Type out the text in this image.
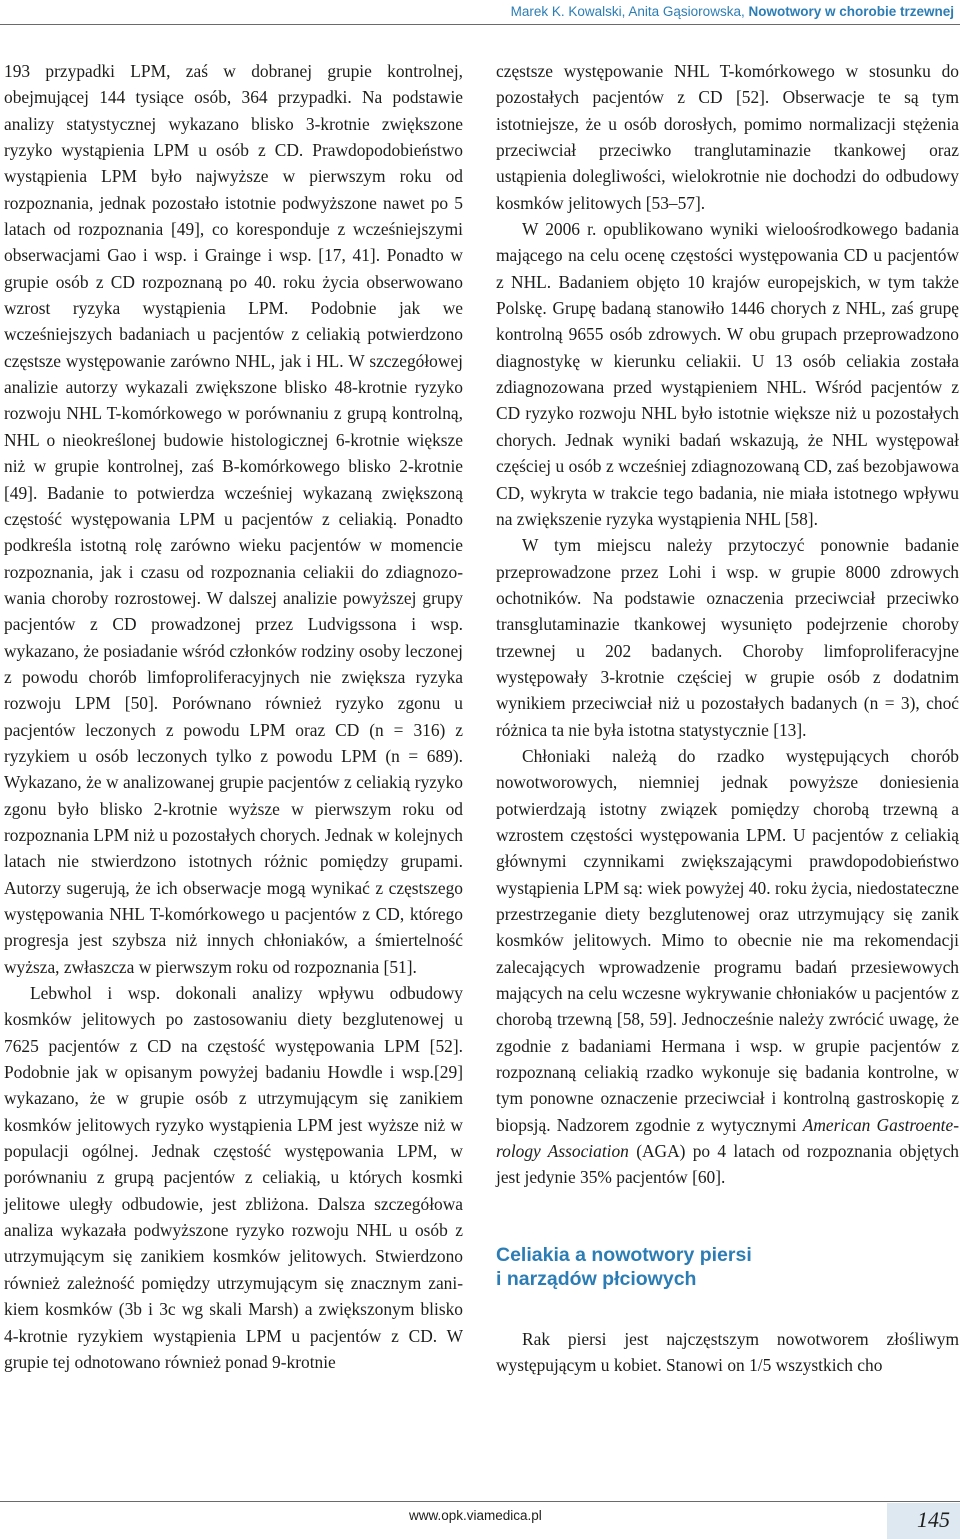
Marek K. Kowalski, Anita Gąsiorowska, Nowotwory w chorobie trzewnej

193 przypadki LPM, zaś w dobranej grupie kontrolnej, obejmującej 144 tysiące osób, 364 przypadki. Na podstawie analizy statystycznej wykazano blisko 3-krotnie zwiększone ryzyko wystąpienia LPM u osób z CD. Prawdopodobieństwo wystąpienia LPM było najwyższe w pierwszym roku od rozpoznania, jednak pozostało istotnie podwyższone nawet po 5 latach od rozpoznania [49], co koresponduje z wcześniejszymi obserwacjami Gao i wsp. i Grainge i wsp. [17, 41]. Ponadto w grupie osób z CD rozpoznaną po 40. roku życia obserwowano wzrost ryzyka wystąpienia LPM. Podobnie jak we wcześniejszych badaniach u pacjentów z celiakią potwierdzono częstsze występowanie zarówno NHL, jak i HL. W szczegółowej analizie autorzy wykazali zwiększone blisko 48-krotnie ryzyko rozwoju NHL T-komórkowego w porównaniu z grupą kontrolną, NHL o nieokreślonej budowie histologicznej 6-krotnie większe niż w grupie kontrolnej, zaś B-komórkowego blisko 2-krotnie [49]. Badanie to potwierdza wcześniej wykazaną zwiększoną częstość występowania LPM u pacjentów z celiakią. Ponadto podkreśla istotną rolę zarówno wieku pacjentów w momencie rozpoznania, jak i czasu od rozpoznania celiakii do zdiagnozowania choroby rozrostowej. W dalszej analizie powyższej grupy pacjentów z CD prowadzonej przez Ludvigssona i wsp. wykazano, że posiadanie wśród członków rodziny osoby leczonej z powodu chorób limfoproliferacyjnych nie zwiększa ryzyka rozwoju LPM [50]. Porównano również ryzyko zgonu u pacjentów leczonych z powodu LPM oraz CD (n = 316) z ryzykiem u osób leczonych tylko z powodu LPM (n = 689). Wykazano, że w analizowanej grupie pacjentów z celiakią ryzyko zgonu było blisko 2-krotnie wyższe w pierwszym roku od rozpoznania LPM niż u pozostałych chorych. Jednak w kolejnych latach nie stwierdzono istotnych różnic pomiędzy grupami. Autorzy sugerują, że ich obserwacje mogą wynikać z częstszego występowania NHL T-komórkowego u pacjentów z CD, którego progresja jest szybsza niż innych chłoniaków, a śmiertelność wyższa, zwłaszcza w pierwszym roku od rozpoznania [51].

Lebwhol i wsp. dokonali analizy wpływu odbudowy kosmków jelitowych po zastosowaniu diety bezglutenowej u 7625 pacjentów z CD na częstość występowania LPM [52]. Podobnie jak w opisanym powyżej badaniu Howdle i wsp.[29] wykazano, że w grupie osób z utrzymującym się zanikiem kosmków jelitowych ryzyko wystąpienia LPM jest wyższe niż w populacji ogólnej. Jednak częstość występowania LPM, w porównaniu z grupą pacjentów z celiakią, u których kosmki jelitowe uległy odbudowie, jest zbliżona. Dalsza szczegółowa analiza wykazała podwyższone ryzyko rozwoju NHL u osób z utrzymującym się zanikiem kosmków jelitowych. Stwierdzono również zależność pomiędzy utrzymującym się znacznym zanikiem kosmków (3b i 3c wg skali Marsh) a zwiększonym blisko 4-krotnie ryzykiem wystąpienia LPM u pacjentów z CD. W grupie tej odnotowano również ponad 9-krotnie

częstsze występowanie NHL T-komórkowego w stosunku do pozostałych pacjentów z CD [52]. Obserwacje te są tym istotniejsze, że u osób dorosłych, pomimo normalizacji stężenia przeciwciał przeciwko tranglutaminazie tkankowej oraz ustąpienia dolegliwości, wielokrotnie nie dochodzi do odbudowy kosmków jelitowych [53–57].

W 2006 r. opublikowano wyniki wieloośrodkowego badania mającego na celu ocenę częstości występowania CD u pacjentów z NHL. Badaniem objęto 10 krajów europejskich, w tym także Polskę. Grupę badaną stanowiło 1446 chorych z NHL, zaś grupę kontrolną 9655 osób zdrowych. W obu grupach przeprowadzono diagnostykę w kierunku celiakii. U 13 osób celiakia została zdiagnozowana przed wystąpieniem NHL. Wśród pacjentów z CD ryzyko rozwoju NHL było istotnie większe niż u pozostałych chorych. Jednak wyniki badań wskazują, że NHL występował częściej u osób z wcześniej zdiagnozowaną CD, zaś bezobjawowa CD, wykryta w trakcie tego badania, nie miała istotnego wpływu na zwiększenie ryzyka wystąpienia NHL [58].

W tym miejscu należy przytoczyć ponownie badanie przeprowadzone przez Lohi i wsp. w grupie 8000 zdrowych ochotników. Na podstawie oznaczenia przeciwciał przeciwko transglutaminazie tkankowej wysunięto podejrzenie choroby trzewnej u 202 badanych. Choroby limfoproliferacyjne występowały 3-krotnie częściej w grupie osób z dodatnim wynikiem przeciwciał niż u pozostałych badanych (n = 3), choć różnica ta nie była istotna statystycznie [13].

Chłoniaki należą do rzadko występujących chorób nowotworowych, niemniej jednak powyższe doniesienia potwierdzają istotny związek pomiędzy chorobą trzewną a wzrostem częstości występowania LPM. U pacjentów z celiakią głównymi czynnikami zwiększającymi prawdopodobieństwo wystąpienia LPM są: wiek powyżej 40. roku życia, niedostateczne przestrzeganie diety bezglutenowej oraz utrzymujący się zanik kosmków jelitowych. Mimo to obecnie nie ma rekomendacji zalecających wprowadzenie programu badań przesiewowych mających na celu wczesne wykrywanie chłoniaków u pacjentów z chorobą trzewną [58, 59]. Jednocześnie należy zwrócić uwagę, że zgodnie z badaniami Hermana i wsp. w grupie pacjentów z rozpoznaną celiakią rzadko wykonuje się badania kontrolne, w tym ponowne oznaczenie przeciwciał i kontrolną gastroskopię z biopsją. Nadzorem zgodnie z wytycznymi American Gastroenterology Association (AGA) po 4 latach od rozpoznania objętych jest jedynie 35% pacjentów [60].

Celiakia a nowotwory piersi
i narządów płciowych

Rak piersi jest najczęstszym nowotworem złośliwym występującym u kobiet. Stanowi on 1/5 wszystkich cho

www.opk.viamedica.pl	145
